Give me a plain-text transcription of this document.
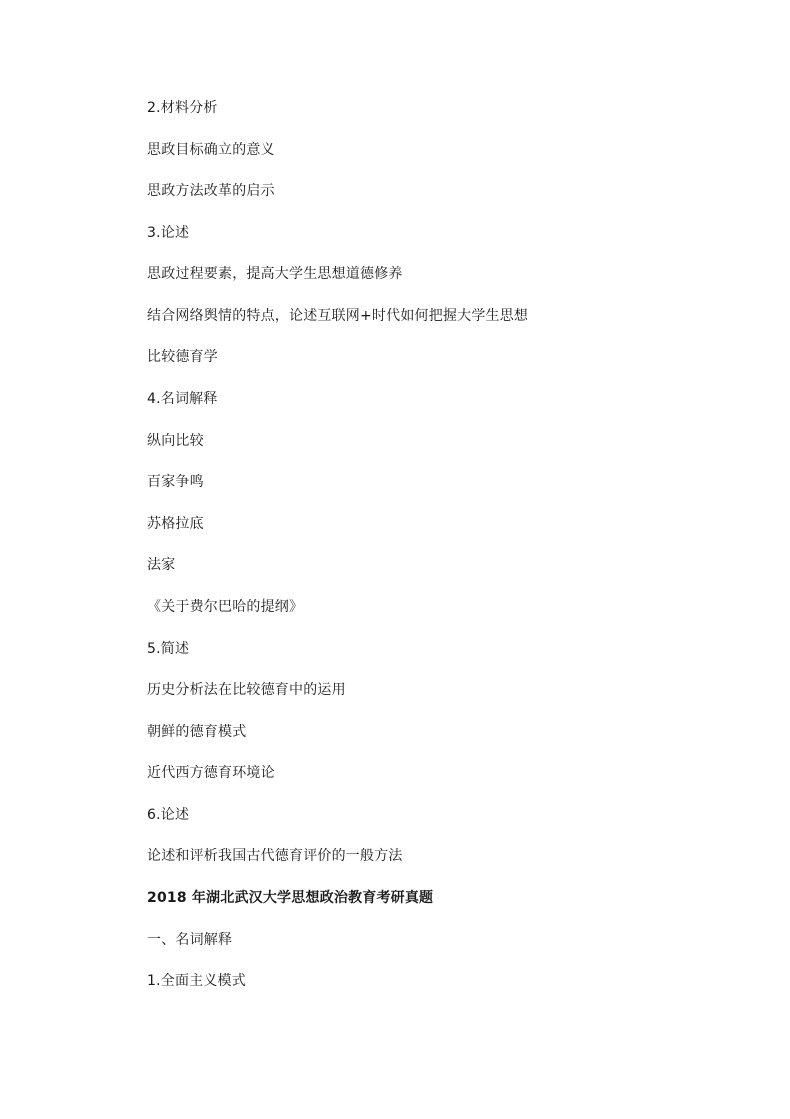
2.材料分析
思政目标确立的意义
思政方法改革的启示
3.论述
思政过程要素，提高大学生思想道德修养
结合网络舆情的特点，论述互联网+时代如何把握大学生思想
比较德育学
4.名词解释
纵向比较
百家争鸣
苏格拉底
法家
《关于费尔巴哈的提纲》
5.简述
历史分析法在比较德育中的运用
朝鲜的德育模式
近代西方德育环境论
6.论述
论述和评析我国古代德育评价的一般方法
2018 年湖北武汉大学思想政治教育考研真题
一、名词解释
1.全面主义模式
